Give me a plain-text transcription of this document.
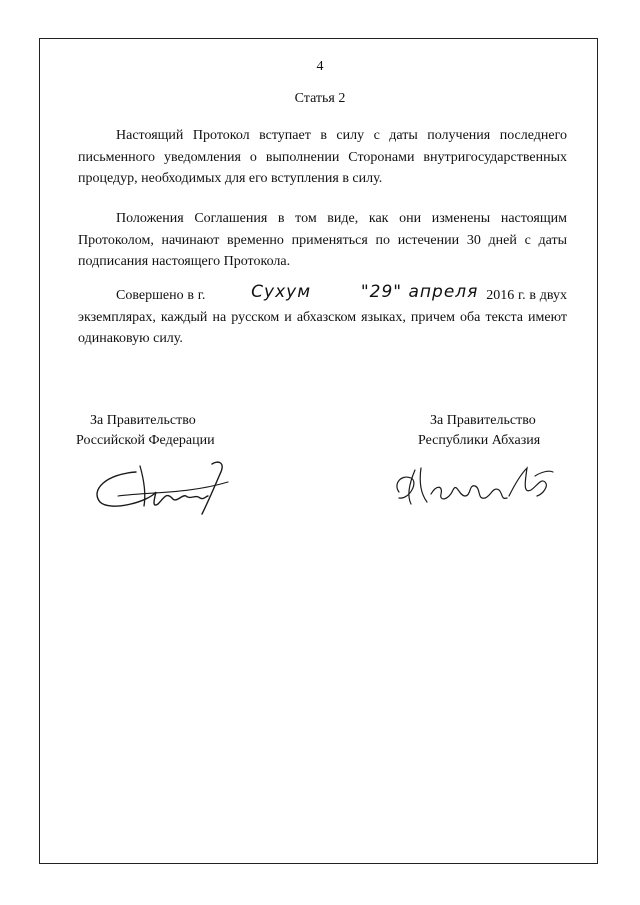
4
Статья 2

Настоящий Протокол вступает в силу с даты получения последнего письменного уведомления о выполнении Сторонами внутригосударственных процедур, необходимых для его вступления в силу.

Положения Соглашения в том виде, как они изменены настоящим Протоколом, начинают временно применяться по истечении 30 дней с даты подписания настоящего Протокола.

Совершено в г.	Сухум	"29" апреля 2016 г. в двух экземплярах, каждый на русском и абхазском языках, причем оба текста имеют одинаковую силу.

За Правительство
Российской Федерации
За Правительство
Республики Абхазия
